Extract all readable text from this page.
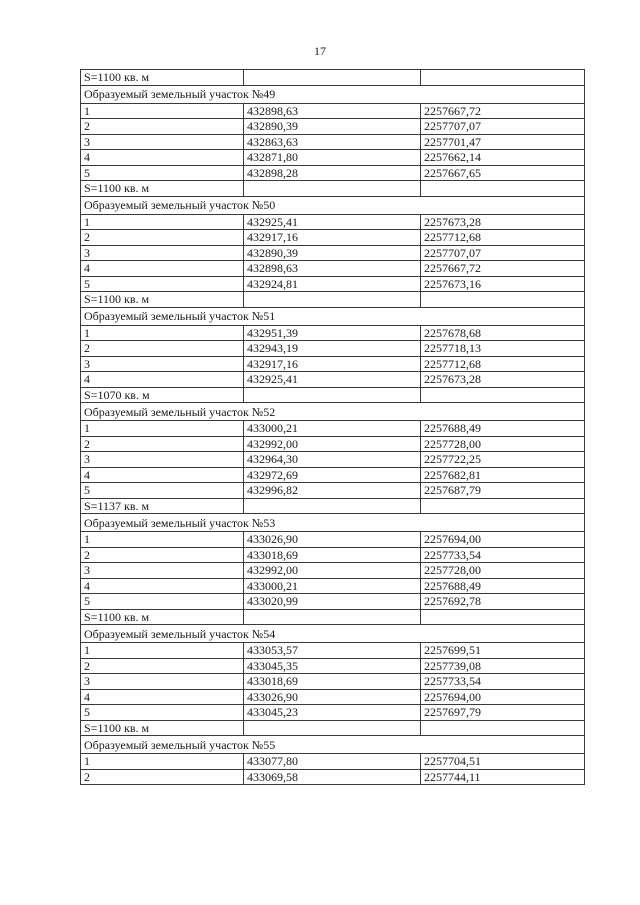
17
S=1100 кв. м		
Образуемый земельный участок №49		
1	432898,63	2257667,72
2	432890,39	2257707,07
3	432863,63	2257701,47
4	432871,80	2257662,14
5	432898,28	2257667,65
S=1100 кв. м		
Образуемый земельный участок №50		
1	432925,41	2257673,28
2	432917,16	2257712,68
3	432890,39	2257707,07
4	432898,63	2257667,72
5	432924,81	2257673,16
S=1100 кв. м		
Образуемый земельный участок №51		
1	432951,39	2257678,68
2	432943,19	2257718,13
3	432917,16	2257712,68
4	432925,41	2257673,28
S=1070 кв. м		
Образуемый земельный участок №52		
1	433000,21	2257688,49
2	432992,00	2257728,00
3	432964,30	2257722,25
4	432972,69	2257682,81
5	432996,82	2257687,79
S=1137 кв. м		
Образуемый земельный участок №53		
1	433026,90	2257694,00
2	433018,69	2257733,54
3	432992,00	2257728,00
4	433000,21	2257688,49
5	433020,99	2257692,78
S=1100 кв. м		
Образуемый земельный участок №54		
1	433053,57	2257699,51
2	433045,35	2257739,08
3	433018,69	2257733,54
4	433026,90	2257694,00
5	433045,23	2257697,79
S=1100 кв. м		
Образуемый земельный участок №55		
1	433077,80	2257704,51
2	433069,58	2257744,11
